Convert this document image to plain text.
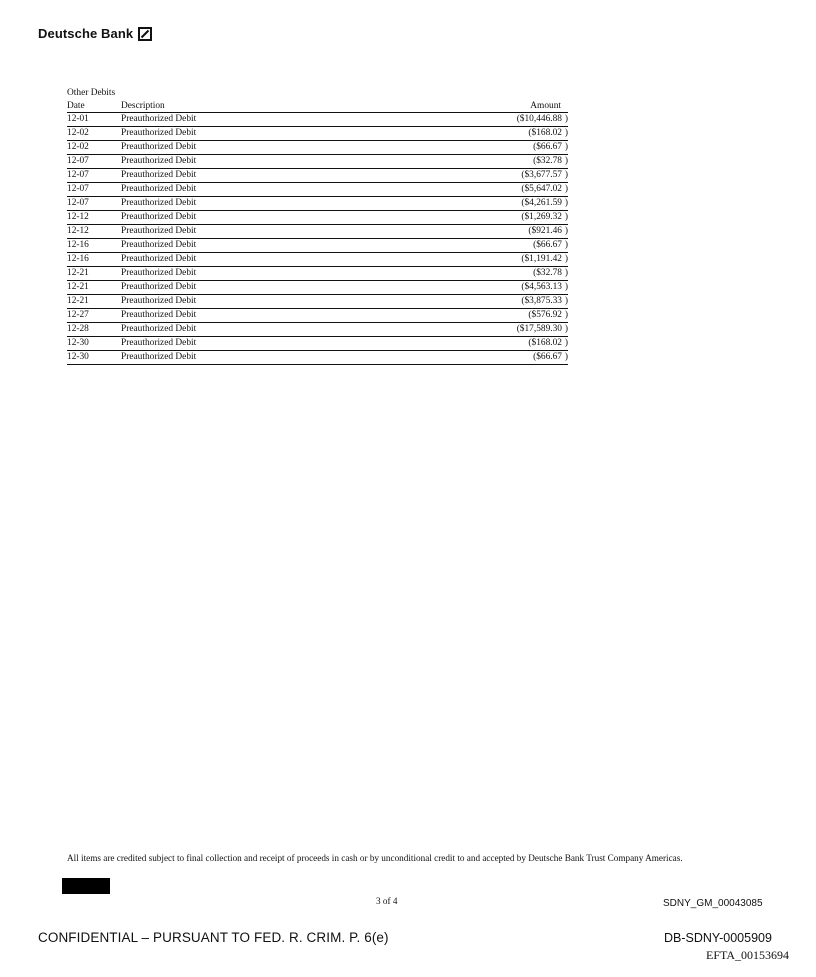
Deutsche Bank
Other Debits
Date	Description	Amount
12-01	Preauthorized Debit	($10,446.88 )
12-02	Preauthorized Debit	($168.02 )
12-02	Preauthorized Debit	($66.67 )
12-07	Preauthorized Debit	($32.78 )
12-07	Preauthorized Debit	($3,677.57 )
12-07	Preauthorized Debit	($5,647.02 )
12-07	Preauthorized Debit	($4,261.59 )
12-12	Preauthorized Debit	($1,269.32 )
12-12	Preauthorized Debit	($921.46 )
12-16	Preauthorized Debit	($66.67 )
12-16	Preauthorized Debit	($1,191.42 )
12-21	Preauthorized Debit	($32.78 )
12-21	Preauthorized Debit	($4,563.13 )
12-21	Preauthorized Debit	($3,875.33 )
12-27	Preauthorized Debit	($576.92 )
12-28	Preauthorized Debit	($17,589.30 )
12-30	Preauthorized Debit	($168.02 )
12-30	Preauthorized Debit	($66.67 )
All items are credited subject to final collection and receipt of proceeds in cash or by unconditional credit to and accepted by Deutsche Bank Trust Company Americas.
3 of 4	SDNY_GM_00043085
CONFIDENTIAL – PURSUANT TO FED. R. CRIM. P. 6(e)	DB-SDNY-0005909
EFTA_00153694
